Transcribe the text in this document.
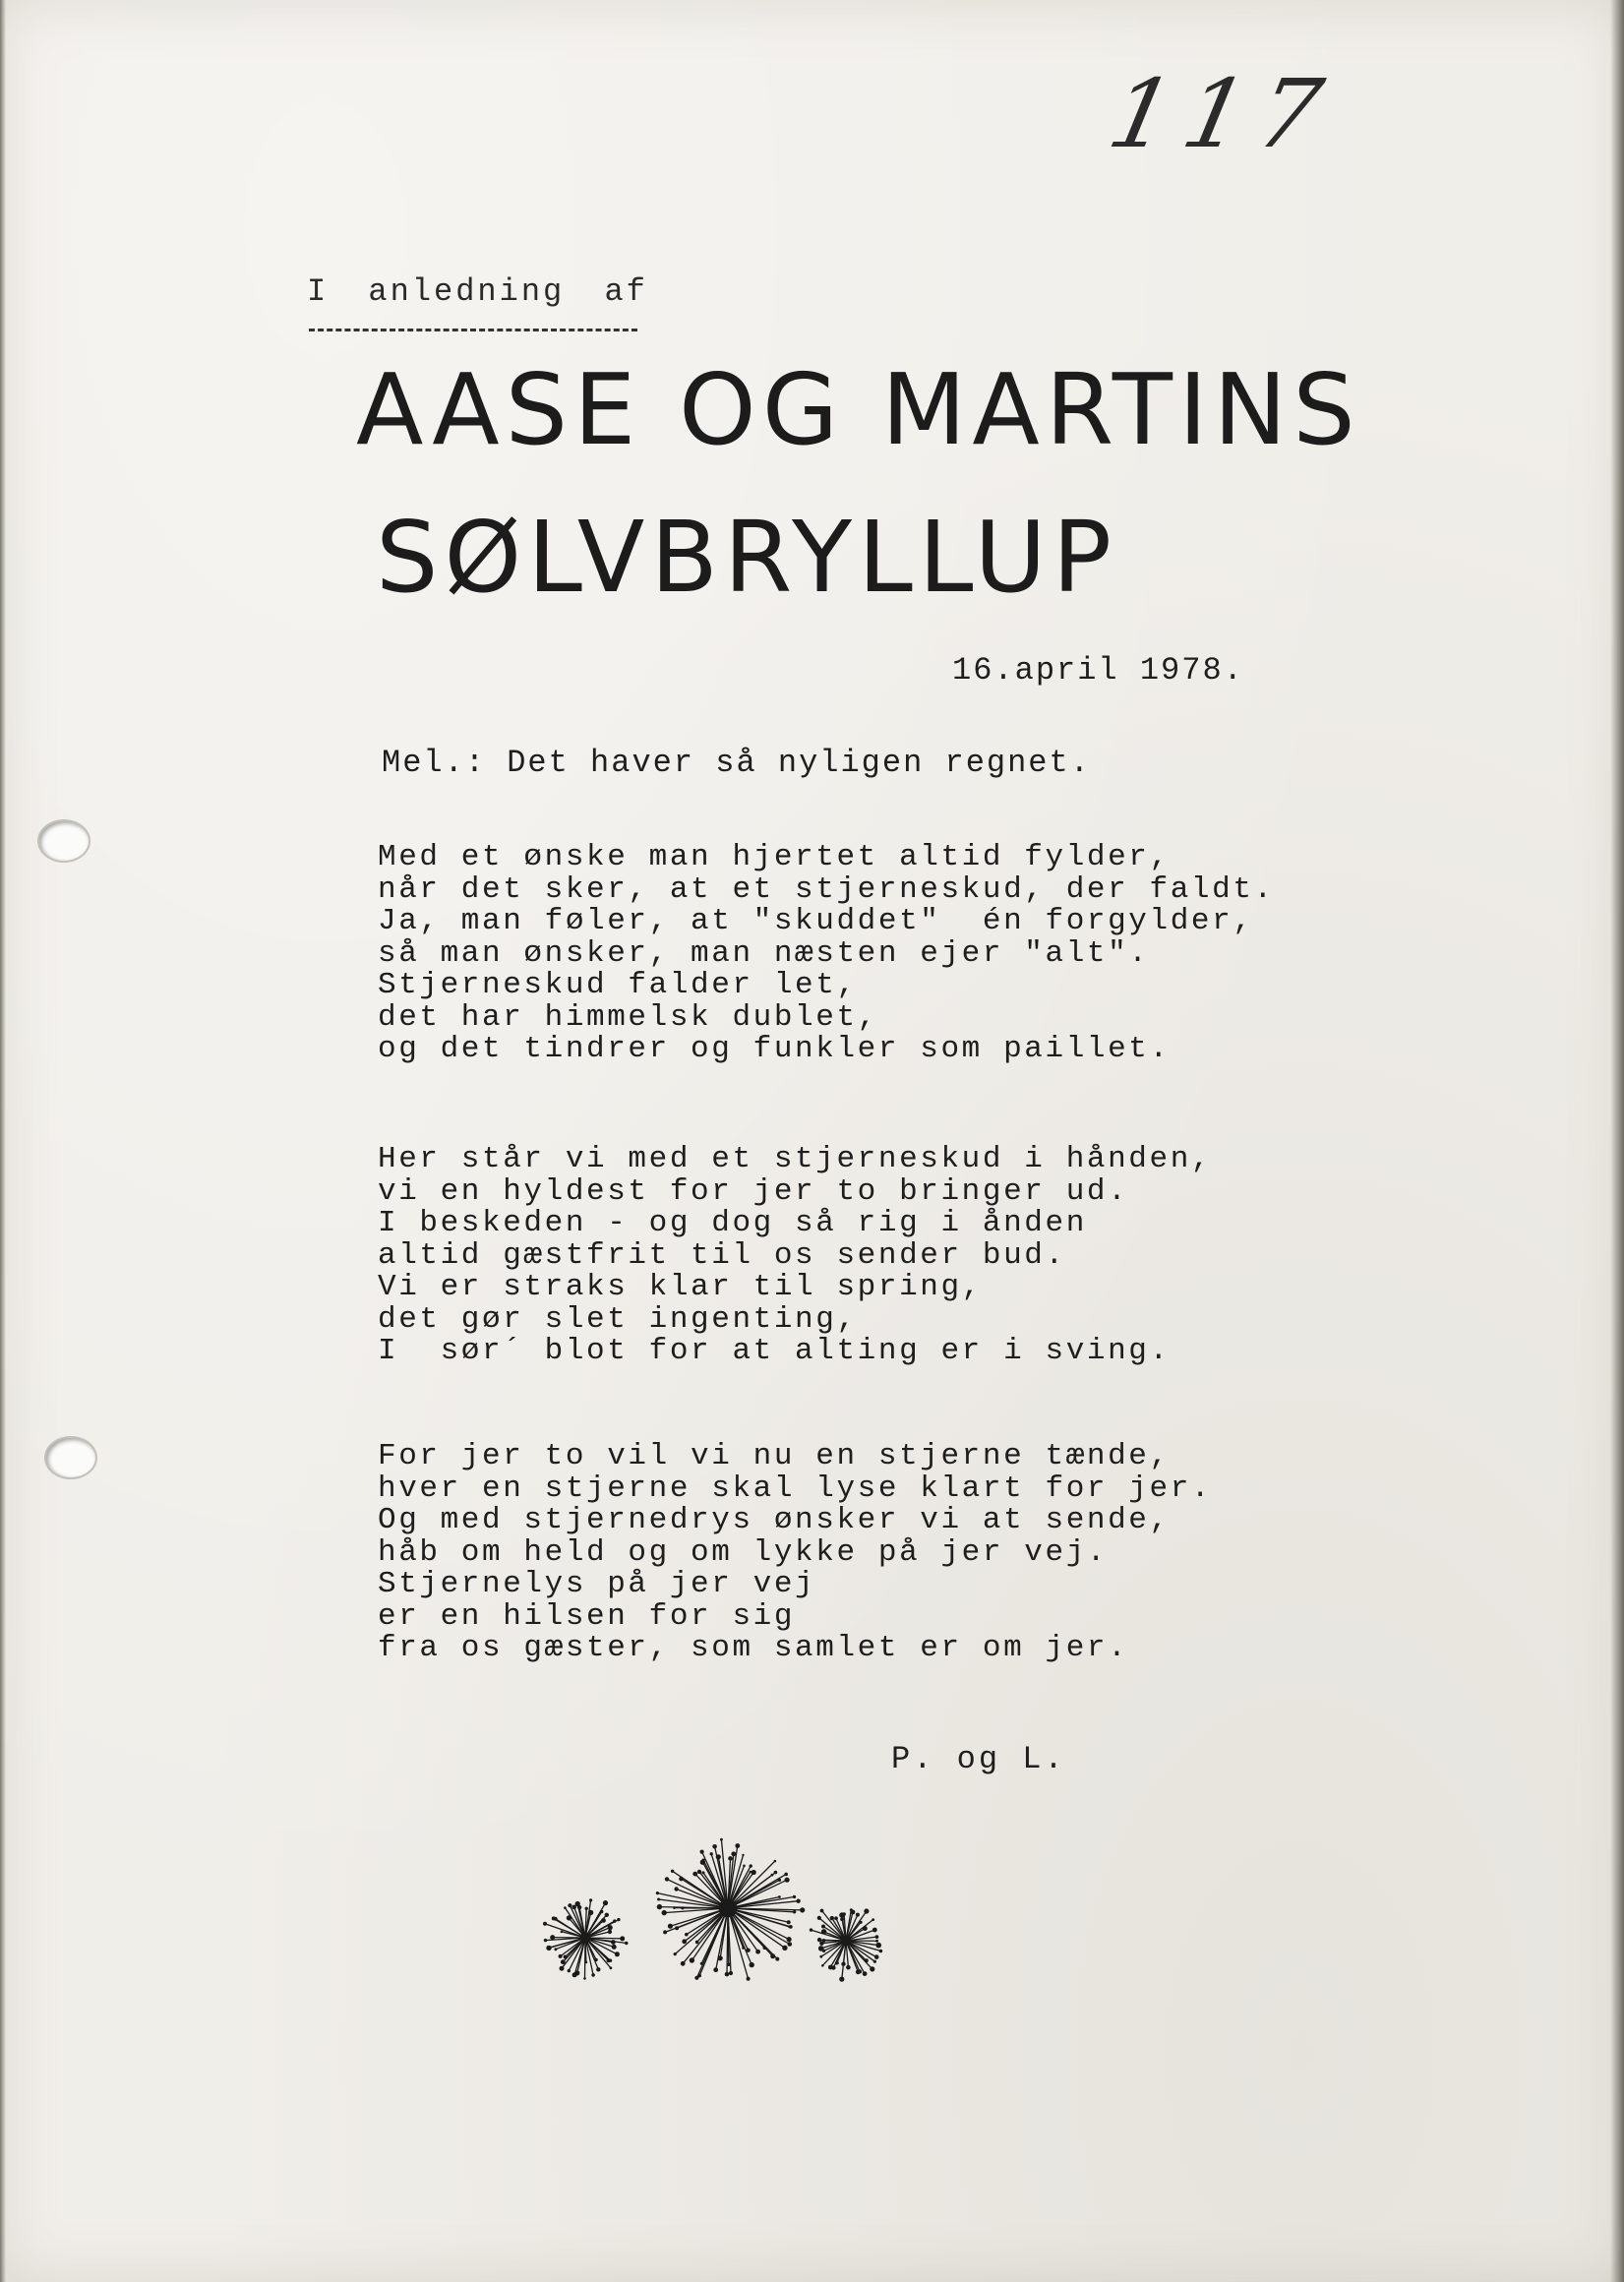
117
I anledning af
AASE OG MARTINS
SØLVBRYLLUP
16.april 1978.
Mel.: Det haver så nyligen regnet.
Med et ønske man hjertet altid fylder,
når det sker, at et stjerneskud, der faldt.
Ja, man føler, at "skuddet"  én forgylder,
så man ønsker, man næsten ejer "alt".
Stjerneskud falder let,
det har himmelsk dublet,
og det tindrer og funkler som paillet.
Her står vi med et stjerneskud i hånden,
vi en hyldest for jer to bringer ud.
I beskeden - og dog så rig i ånden
altid gæstfrit til os sender bud.
Vi er straks klar til spring,
det gør slet ingenting,
I  sør´ blot for at alting er i sving.
For jer to vil vi nu en stjerne tænde,
hver en stjerne skal lyse klart for jer.
Og med stjernedrys ønsker vi at sende,
håb om held og om lykke på jer vej.
Stjernelys på jer vej
er en hilsen for sig
fra os gæster, som samlet er om jer.
P. og L.
